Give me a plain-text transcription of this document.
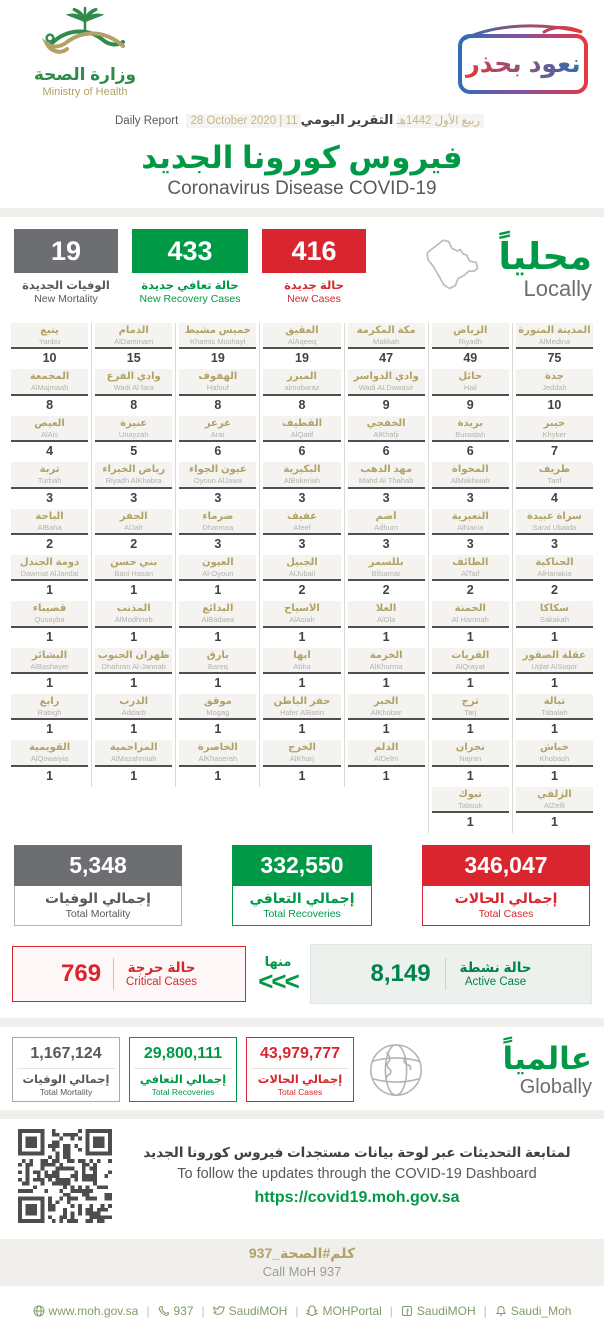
وزارة الصحة
Ministry of Health
نعود بحذر
Daily Report 28 October 2020 | 11 ربيع الأول 1442هـ التقرير اليومي
فيروس كورونا الجديد
Coronavirus Disease COVID-19
19
الوفيات الجديدة
New Mortality
433
حالة تعافي جديدة
New Recovery Cases
416
حالة جديدة
New Cases
محلياً
Locally
ينبع
Yanbu
10
المجمعة
AlMajmaah
8
العيص
AlAis
4
تربة
Turbah
3
الباحة
AlBaha
2
دومة الجندل
Dawmat AlJandal
1
قصيباء
Qusayba
1
البشائر
AlBashayer
1
رابغ
Rabigh
1
القويمية
AlQowaiyia
1
الدمام
AlDammam
15
وادي الفرع
Wadi Al fara
8
عنيزة
Unayzah
5
رياض الخبراء
Riyadh AlKhabra
3
الجفر
AlJafr
2
بني حسن
Bani Hasan
1
المذنب
AlModhneb
1
ظهران الجنوب
Dhahran Al-Janoab
1
الدرب
Addarb
1
المزاحمية
AlMazahmiah
1
خميس مشيط
Khamis Mushayt
19
الهفوف
Hafouf
8
عرعر
Arar
6
عيون الجواء
Oyoun AlJawa
3
ضرماء
Dharmaa
3
العيون
Al-Oyoun
1
البدائع
AlBadaea
1
بارق
Bareq
1
موقق
Mogag
1
الخاصرة
AlKhaserah
1
العقيق
AlAqeeq
19
المبرز
almobaraz
8
القطيف
AlQatif
6
البكيرية
AlBukeriah
3
عفيف
Afeef
3
الجبيل
AlJubail
2
الأسياح
AlAsiah
1
أبها
Abha
1
حفر الباطن
Hafer AlBatin
1
الخرج
AlKharj
1
مكة المكرمة
Makkah
47
وادي الدواسر
Wadi ALDawasir
9
الخفجي
AlKhafji
6
مهد الذهب
Mahd Al Thahab
3
أضم
Adhum
3
بللسمر
Bllsamar
2
العلا
AlOla
1
الخرمة
AlKhurma
1
الخبر
AlKhobar
1
الدلم
AlDelm
1
الرياض
Riyadh
49
حائل
Hail
9
بريدة
Buraidah
6
المخواة
AlMakhwah
3
النعيرية
AlNairia
3
الطائف
AlTaif
2
الحمنة
Al Hamnah
1
القريات
AlQrayat
1
ترج
Tarj
1
نجران
Najran
1
تبوك
Tabouk
1
المدينة المنورة
AlMedina
75
جدة
Jeddah
10
خيبر
Khyber
7
طريف
Tarif
4
سراة عبيدة
Sarat Ubaida
3
الحناكية
AlHanakia
2
سكاكا
Sakakah
1
عقلة الصقور
Uqlat AlSoqor
1
تبالة
Tabalah
1
خباش
Khobash
1
الزلفي
AlZelfi
1
5,348
إجمالي الوفيات
Total Mortality
332,550
إجمالي التعافي
Total Recoveries
346,047
إجمالي الحالات
Total Cases
769 حالة حرجة
Critical Cases
منها
<<<	8,149 حالة نشطة
Active Case
1,167,124
إجمالي الوفيات
Total Mortality
29,800,111
إجمالي التعافي
Total Recoveries
43,979,777
إجمالي الحالات
Total Cases
عالمياً
Globally
لمتابعة التحديثات عبر لوحة بيانات مستجدات فيروس كورونا الجديد
To follow the updates through the COVID-19 Dashboard
https://covid19.moh.gov.sa
كلم#الصحة_937
Call MoH 937
www.moh.gov.sa | 937 | SaudiMOH | MOHPortal | SaudiMOH | Saudi_Moh
